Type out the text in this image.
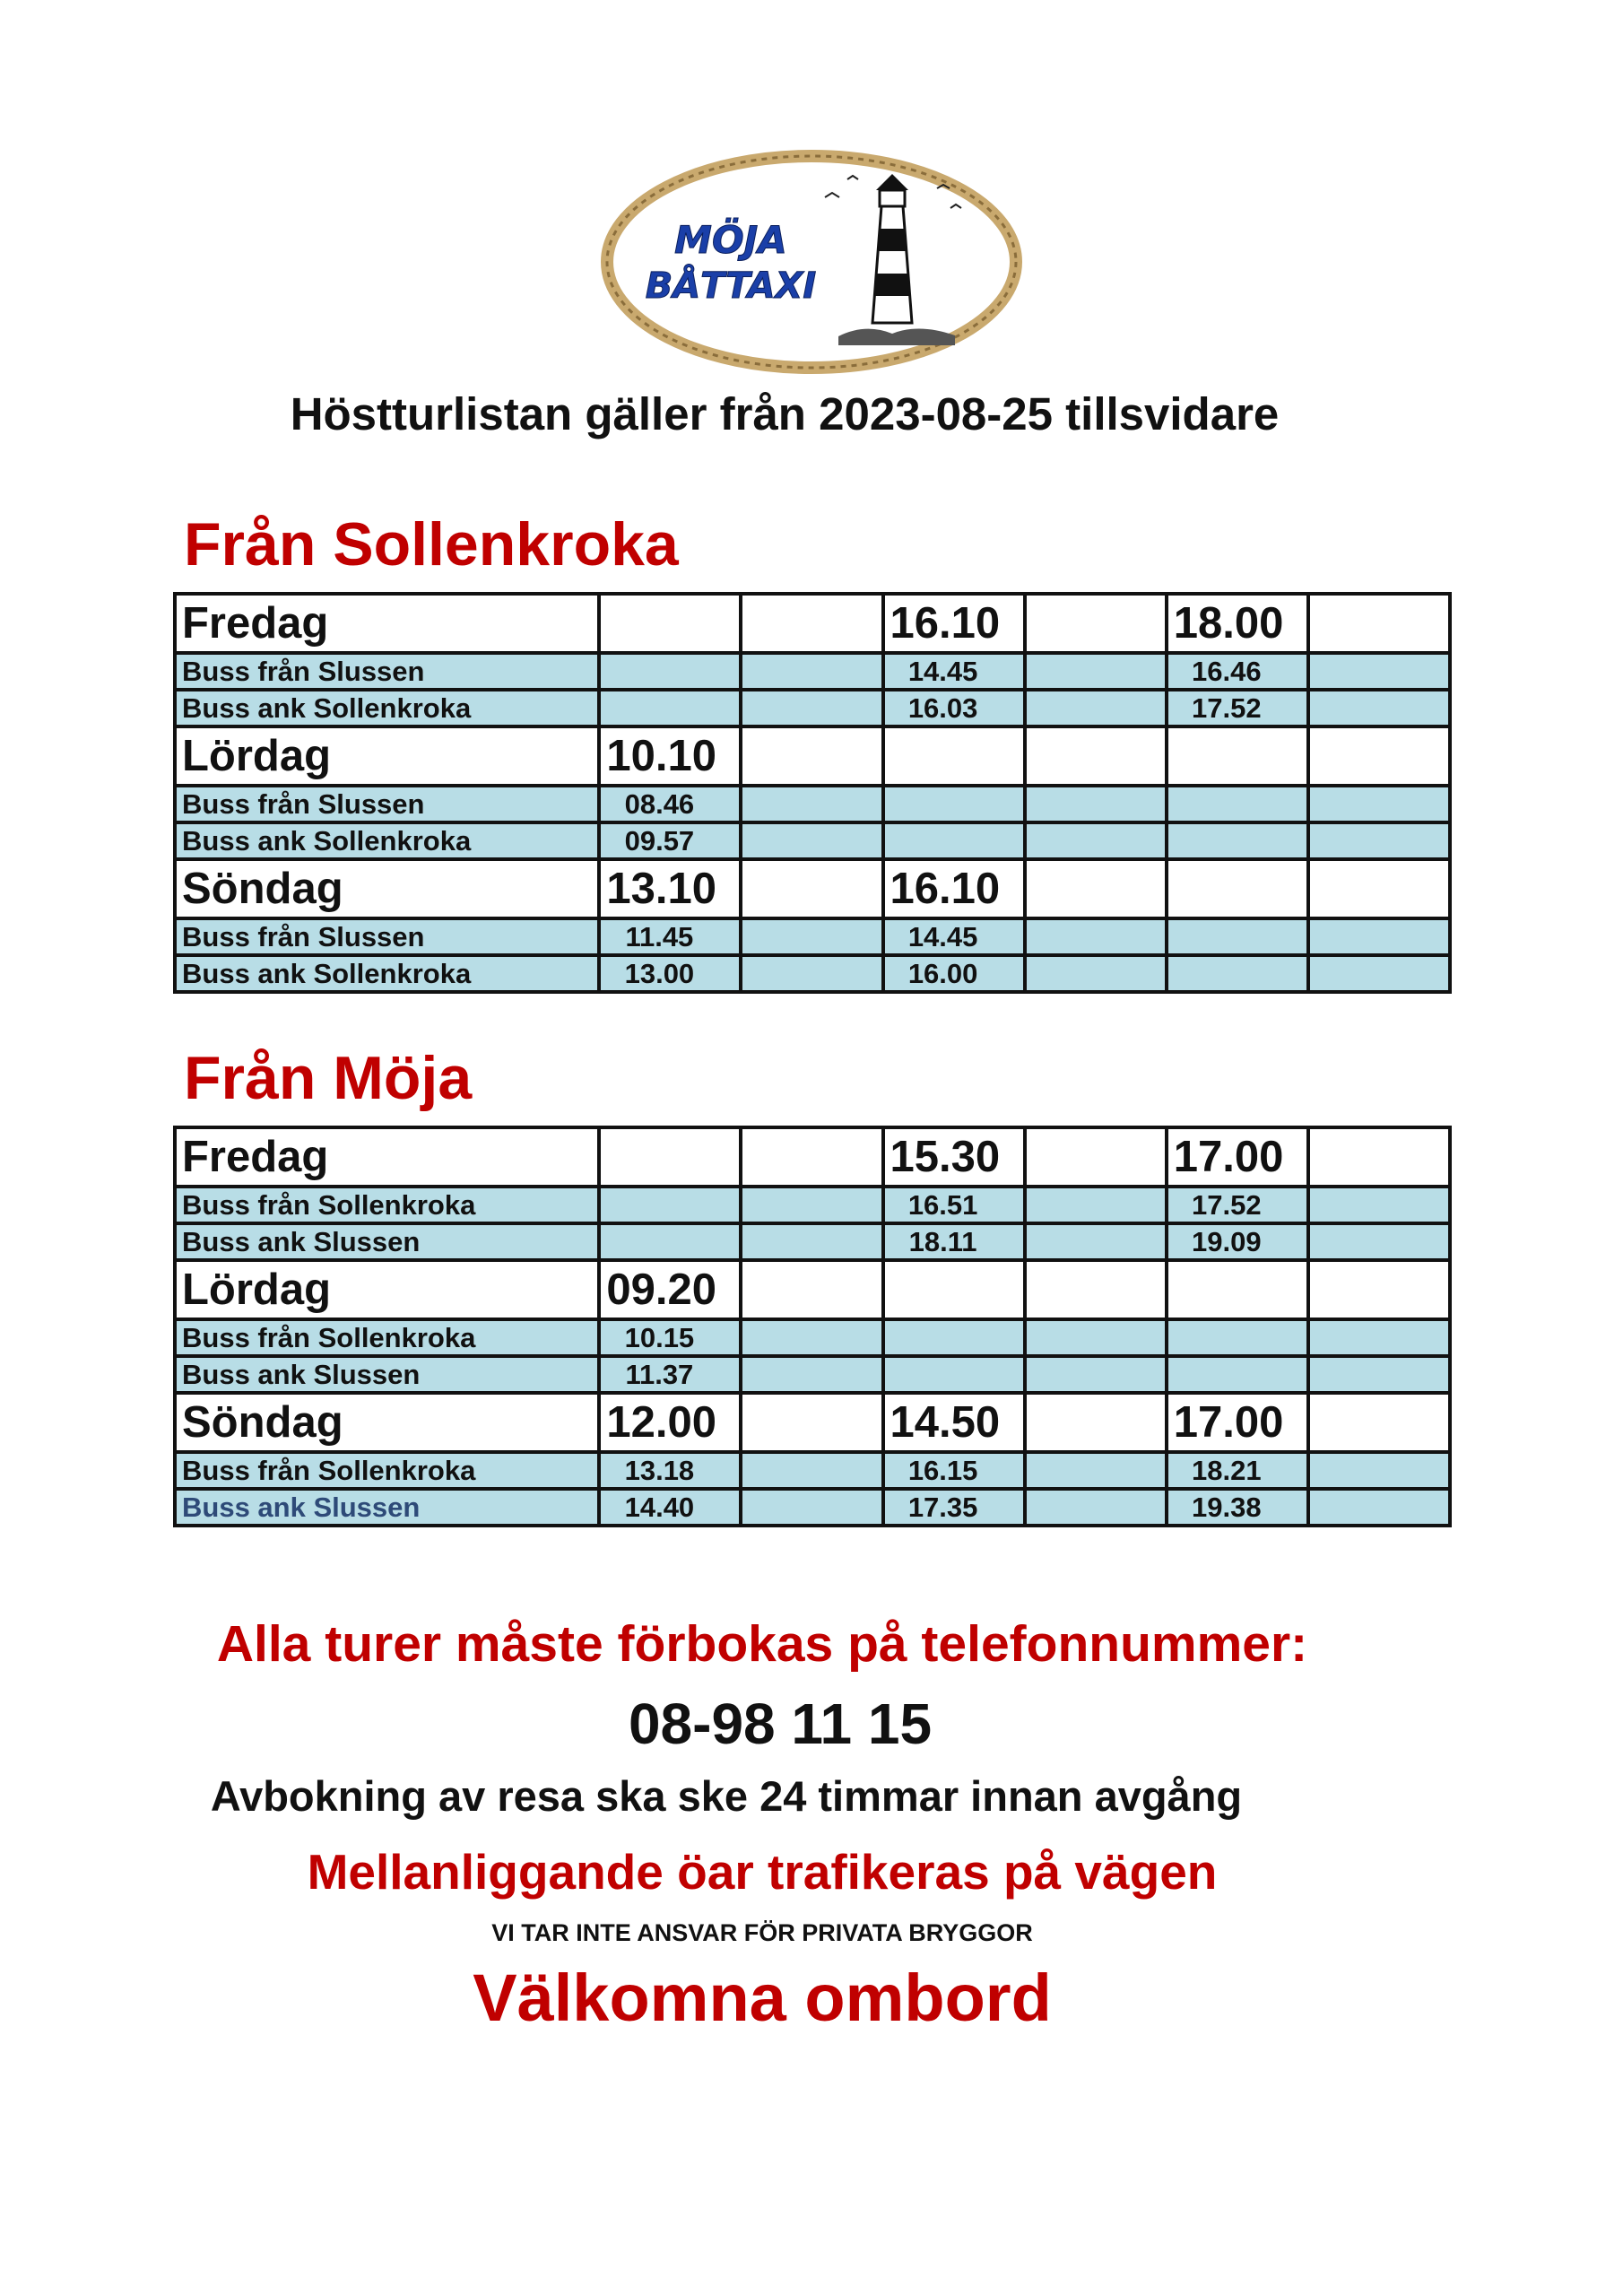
MÖJA
BÅTTAXI
Höstturlistan gäller från 2023-08-25 tillsvidare
Från Sollenkroka
Fredag			16.10		18.00	
Buss från Slussen			14.45		16.46	
Buss ank Sollenkroka			16.03		17.52	
Lördag	10.10					
Buss från Slussen	08.46					
Buss ank Sollenkroka	09.57					
Söndag	13.10		16.10			
Buss från Slussen	11.45		14.45			
Buss ank Sollenkroka	13.00		16.00			
Från Möja
Fredag			15.30		17.00	
Buss från Sollenkroka			16.51		17.52	
Buss ank Slussen			18.11		19.09	
Lördag	09.20					
Buss från Sollenkroka	10.15					
Buss ank Slussen	11.37					
Söndag	12.00		14.50		17.00	
Buss från Sollenkroka	13.18		16.15		18.21	
Buss ank Slussen	14.40		17.35		19.38	
Alla turer måste förbokas på telefonnummer:
08-98 11 15
Avbokning av resa ska ske 24 timmar innan avgång
Mellanliggande öar trafikeras på vägen
VI TAR INTE ANSVAR FÖR PRIVATA BRYGGOR
Välkomna ombord
